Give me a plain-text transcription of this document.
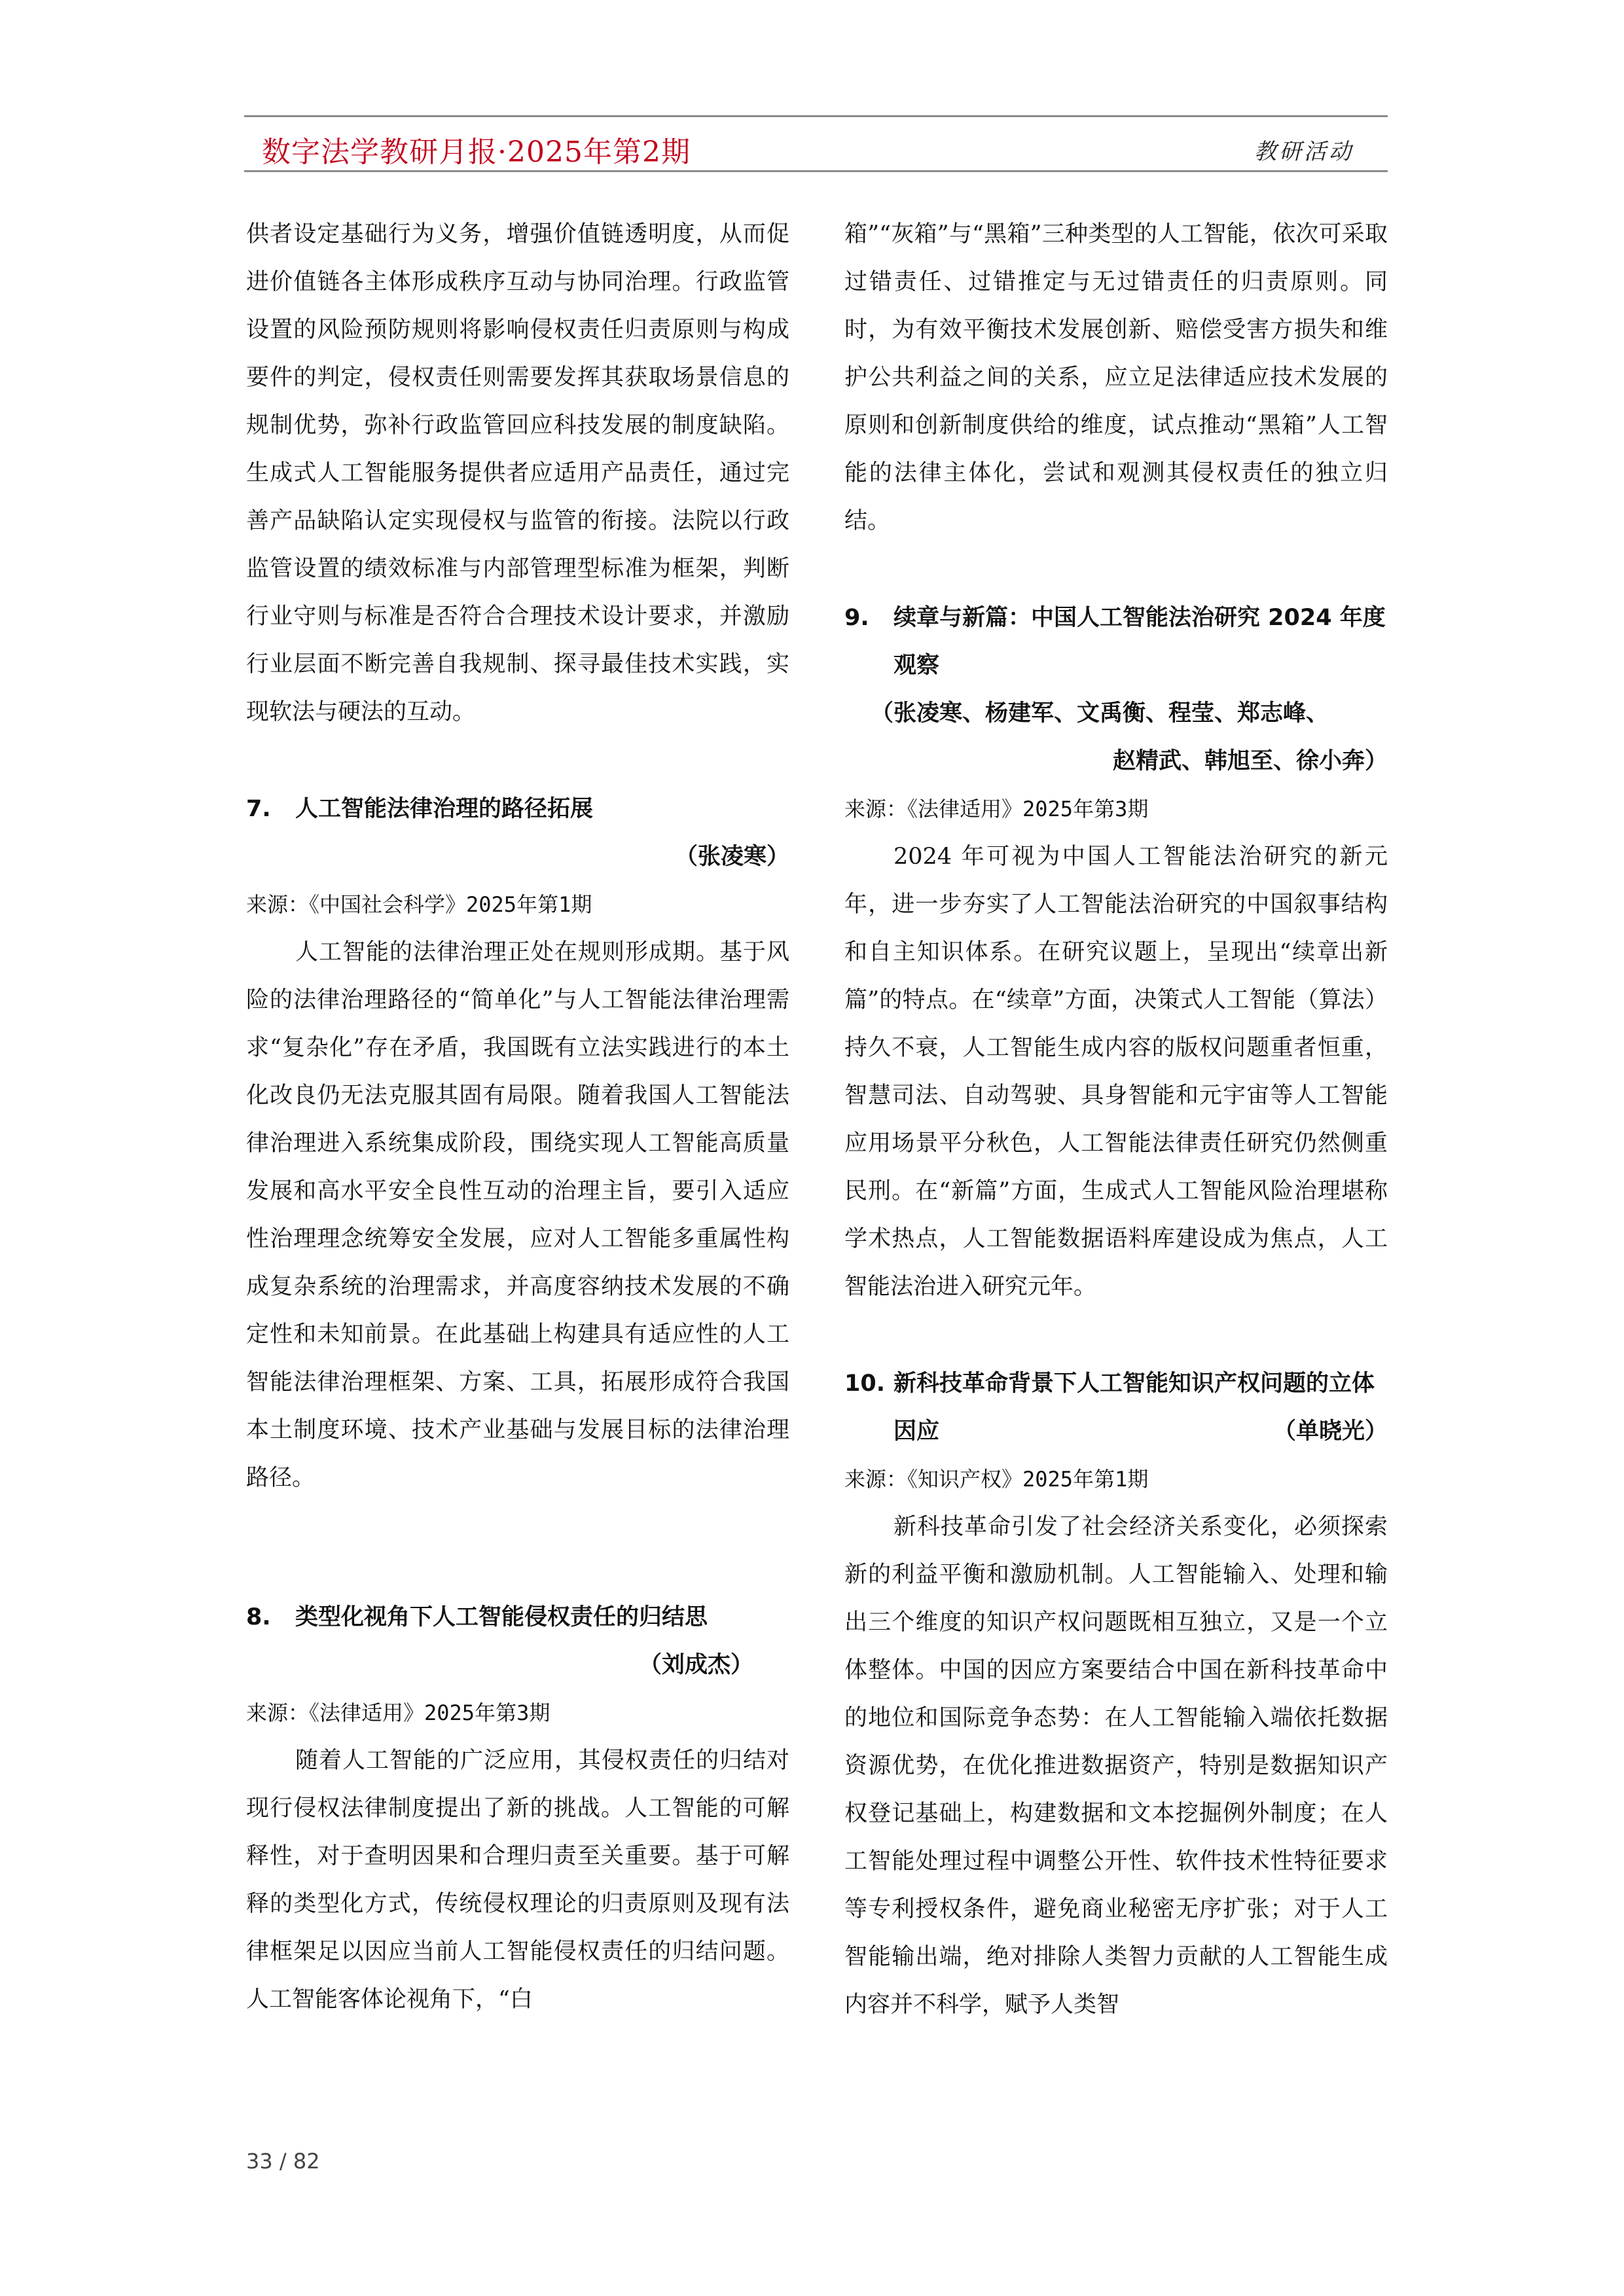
数字法学教研月报·2025年第2期	教研活动

供者设定基础行为义务，增强价值链透明度，从而促进价值链各主体形成秩序互动与协同治理。行政监管设置的风险预防规则将影响侵权责任归责原则与构成要件的判定，侵权责任则需要发挥其获取场景信息的规制优势，弥补行政监管回应科技发展的制度缺陷。生成式人工智能服务提供者应适用产品责任，通过完善产品缺陷认定实现侵权与监管的衔接。法院以行政监管设置的绩效标准与内部管理型标准为框架，判断行业守则与标准是否符合合理技术设计要求，并激励行业层面不断完善自我规制、探寻最佳技术实践，实现软法与硬法的互动。

7.	人工智能法律治理的路径拓展
（张凌寒）
来源：《中国社会科学》2025年第1期

人工智能的法律治理正处在规则形成期。基于风险的法律治理路径的“简单化”与人工智能法律治理需求“复杂化”存在矛盾，我国既有立法实践进行的本土化改良仍无法克服其固有局限。随着我国人工智能法律治理进入系统集成阶段，围绕实现人工智能高质量发展和高水平安全良性互动的治理主旨，要引入适应性治理理念统筹安全发展，应对人工智能多重属性构成复杂系统的治理需求，并高度容纳技术发展的不确定性和未知前景。在此基础上构建具有适应性的人工智能法律治理框架、方案、工具，拓展形成符合我国本土制度环境、技术产业基础与发展目标的法律治理路径。

8.	类型化视角下人工智能侵权责任的归结思
（刘成杰）
来源：《法律适用》2025年第3期

随着人工智能的广泛应用，其侵权责任的归结对现行侵权法律制度提出了新的挑战。人工智能的可解释性，对于查明因果和合理归责至关重要。基于可解释的类型化方式，传统侵权理论的归责原则及现有法律框架足以因应当前人工智能侵权责任的归结问题。人工智能客体论视角下，“白

箱”“灰箱”与“黑箱”三种类型的人工智能，依次可采取过错责任、过错推定与无过错责任的归责原则。同时，为有效平衡技术发展创新、赔偿受害方损失和维护公共利益之间的关系，应立足法律适应技术发展的原则和创新制度供给的维度，试点推动“黑箱”人工智能的法律主体化，尝试和观测其侵权责任的独立归结。

9.	续章与新篇：中国人工智能法治研究 2024 年度观察
（张凌寒、杨建军、文禹衡、程莹、郑志峰、
赵精武、韩旭至、徐小奔）
来源：《法律适用》2025年第3期

2024 年可视为中国人工智能法治研究的新元年，进一步夯实了人工智能法治研究的中国叙事结构和自主知识体系。在研究议题上，呈现出“续章出新篇”的特点。在“续章”方面，决策式人工智能（算法）持久不衰，人工智能生成内容的版权问题重者恒重，智慧司法、自动驾驶、具身智能和元宇宙等人工智能应用场景平分秋色，人工智能法律责任研究仍然侧重民刑。在“新篇”方面，生成式人工智能风险治理堪称学术热点，人工智能数据语料库建设成为焦点，人工智能法治进入研究元年。

10. 新科技革命背景下人工智能知识产权问题的立体因应	（单晓光）
来源：《知识产权》2025年第1期

新科技革命引发了社会经济关系变化，必须探索新的利益平衡和激励机制。人工智能输入、处理和输出三个维度的知识产权问题既相互独立，又是一个立体整体。中国的因应方案要结合中国在新科技革命中的地位和国际竞争态势：在人工智能输入端依托数据资源优势，在优化推进数据资产，特别是数据知识产权登记基础上，构建数据和文本挖掘例外制度；在人工智能处理过程中调整公开性、软件技术性特征要求等专利授权条件，避免商业秘密无序扩张；对于人工智能输出端，绝对排除人类智力贡献的人工智能生成内容并不科学，赋予人类智

33 / 82
